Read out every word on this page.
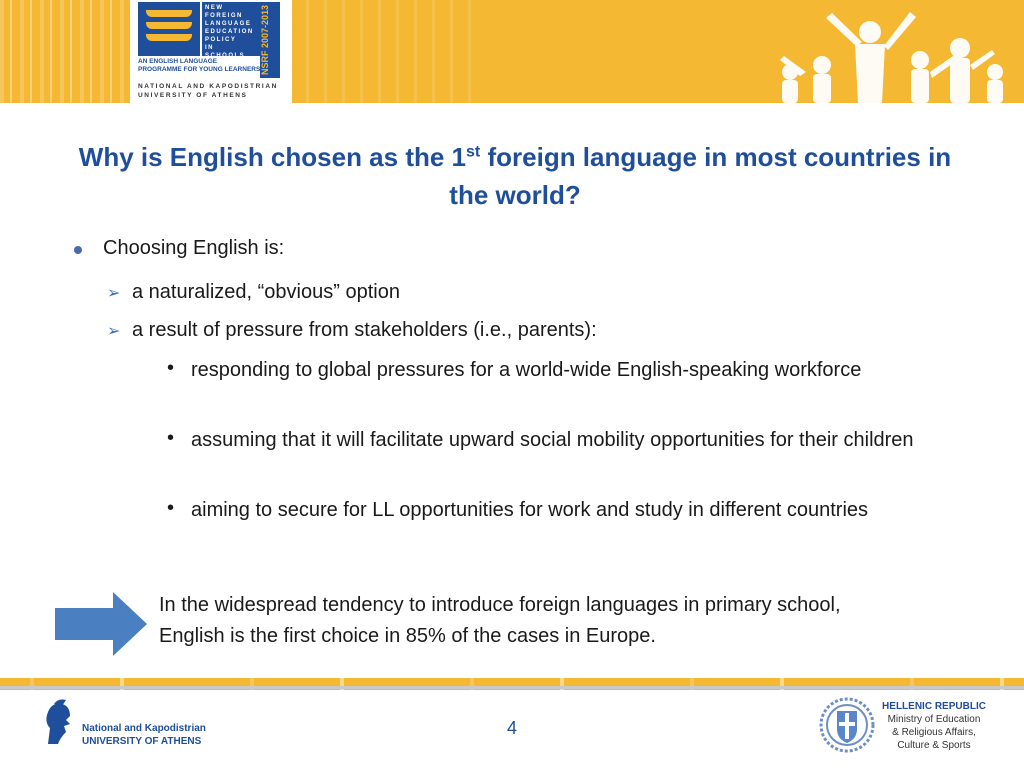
NEW FOREIGN
LANGUAGE
EDUCATION
POLICY
IN SCHOOLS	NSRF 2007-2013
AN ENGLISH LANGUAGE PROGRAMME FOR YOUNG LEARNERS
NATIONAL AND KAPODISTRIAN UNIVERSITY OF ATHENS
Why is English chosen as the 1st foreign language in most countries in the world?
Choosing English is:
➢ a naturalized, “obvious” option
➢ a result of pressure from stakeholders (i.e., parents):
• responding to global pressures for a world-wide English-speaking workforce
• assuming that it will facilitate upward social mobility opportunities for their children
• aiming to secure for LL opportunities for work and study in different countries
In the widespread tendency to introduce foreign languages in primary school, English is the first choice in 85% of the cases in Europe.
National and Kapodistrian
UNIVERSITY OF ATHENS
4
HELLENIC REPUBLIC
Ministry of Education
& Religious Affairs,
Culture & Sports
